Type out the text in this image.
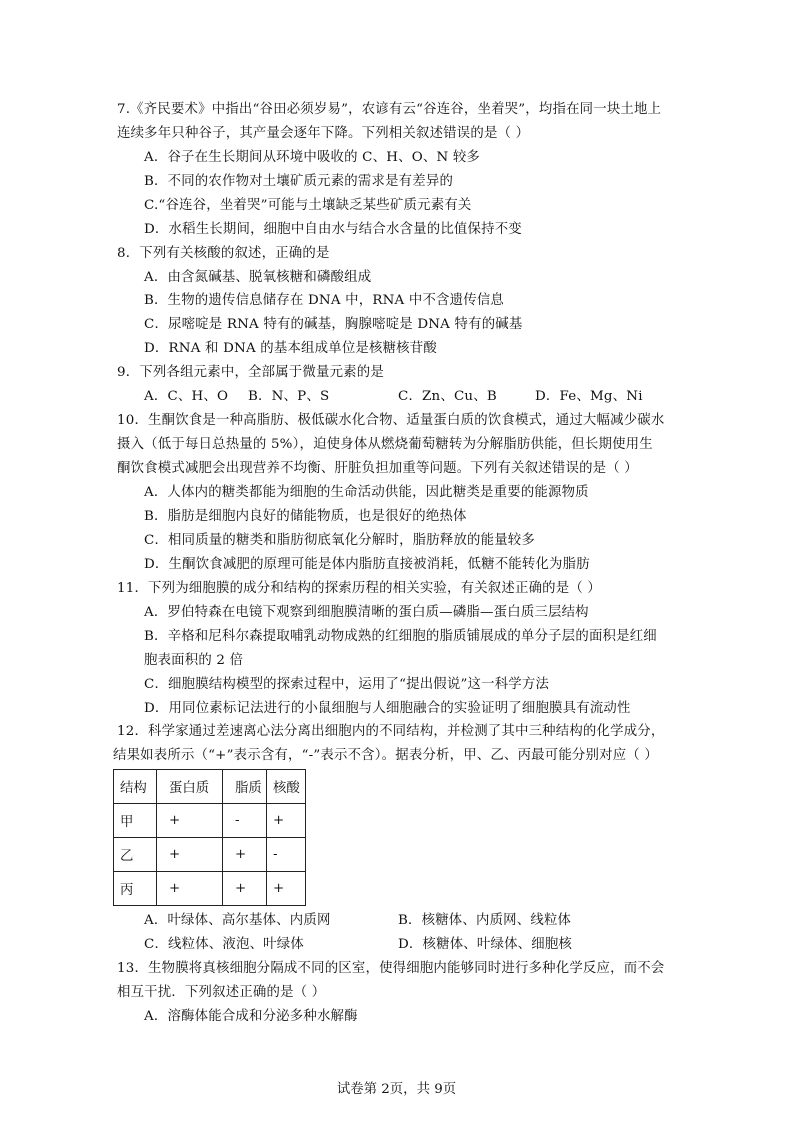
7.《齐民要术》中指出“谷田必须岁易”，农谚有云“谷连谷，坐着哭”，均指在同一块土地上
连续多年只种谷子，其产量会逐年下降。下列相关叙述错误的是（ ）
A．谷子在生长期间从环境中吸收的 C、H、O、N 较多
B．不同的农作物对土壤矿质元素的需求是有差异的
C.“谷连谷，坐着哭”可能与土壤缺乏某些矿质元素有关
D．水稻生长期间，细胞中自由水与结合水含量的比值保持不变
8．下列有关核酸的叙述，正确的是
A．由含氮碱基、脱氧核糖和磷酸组成
B．生物的遗传信息储存在 DNA 中，RNA 中不含遗传信息
C．尿嘧啶是 RNA 特有的碱基，胸腺嘧啶是 DNA 特有的碱基
D．RNA 和 DNA 的基本组成单位是核糖核苷酸
9．下列各组元素中，全部属于微量元素的是
A．C、H、O B．N、P、S	C．Zn、Cu、B	D．Fe、Mg、Ni
10．生酮饮食是一种高脂肪、极低碳水化合物、适量蛋白质的饮食模式，通过大幅减少碳水
摄入（低于每日总热量的 5%），迫使身体从燃烧葡萄糖转为分解脂肪供能，但长期使用生
酮饮食模式减肥会出现营养不均衡、肝脏负担加重等问题。下列有关叙述错误的是（ ）
A．人体内的糖类都能为细胞的生命活动供能，因此糖类是重要的能源物质
B．脂肪是细胞内良好的储能物质，也是很好的绝热体
C．相同质量的糖类和脂肪彻底氧化分解时，脂肪释放的能量较多
D．生酮饮食减肥的原理可能是体内脂肪直接被消耗，低糖不能转化为脂肪
11．下列为细胞膜的成分和结构的探索历程的相关实验，有关叙述正确的是（ ）
A．罗伯特森在电镜下观察到细胞膜清晰的蛋白质—磷脂—蛋白质三层结构
B．辛格和尼科尔森提取哺乳动物成熟的红细胞的脂质铺展成的单分子层的面积是红细
胞表面积的 2 倍
C．细胞膜结构模型的探索过程中，运用了“提出假说”这一科学方法
D．用同位素标记法进行的小鼠细胞与人细胞融合的实验证明了细胞膜具有流动性
12．科学家通过差速离心法分离出细胞内的不同结构，并检测了其中三种结构的化学成分，
结果如表所示（“+”表示含有，“-”表示不含）。据表分析，甲、乙、丙最可能分别对应（ ）
结构	蛋白质	脂质	核酸
甲	+	-	+
乙	+	+	-
丙	+	+	+
A．叶绿体、高尔基体、内质网	B．核糖体、内质网、线粒体
C．线粒体、液泡、叶绿体	D．核糖体、叶绿体、细胞核
13．生物膜将真核细胞分隔成不同的区室，使得细胞内能够同时进行多种化学反应，而不会
相互干扰．下列叙述正确的是（ ）
A．溶酶体能合成和分泌多种水解酶
试卷第 2页，共 9页
